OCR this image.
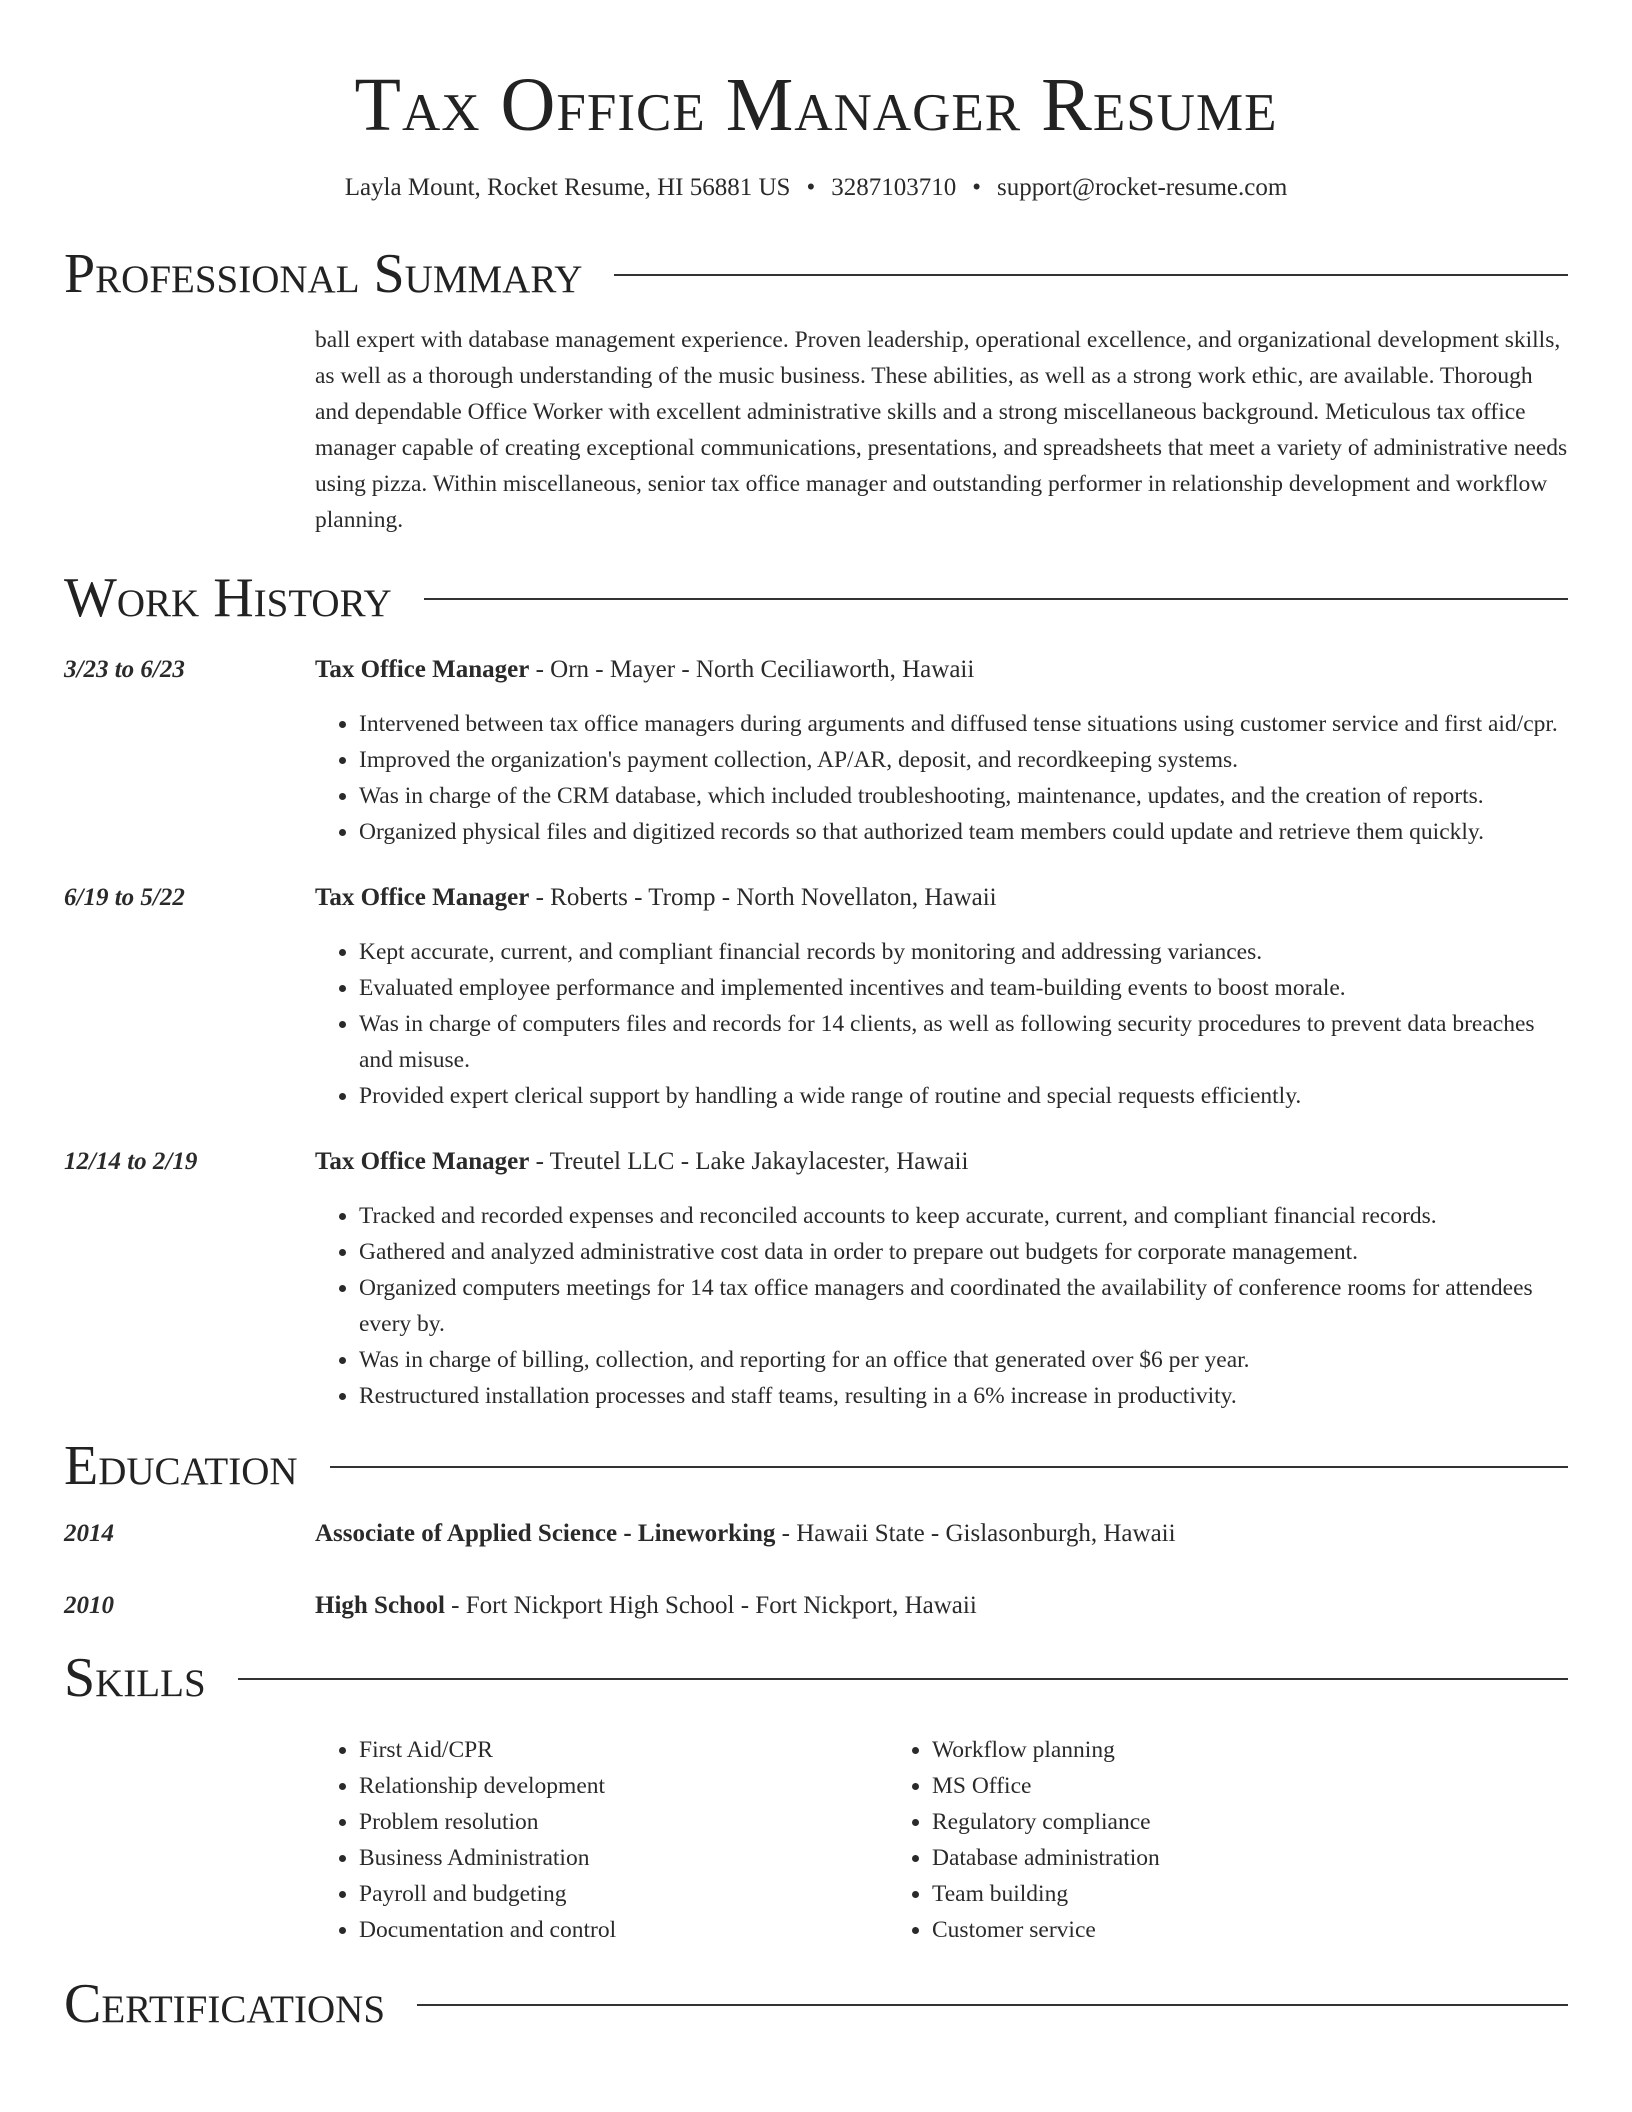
Tax Office Manager Resume
Layla Mount, Rocket Resume, HI 56881 US • 3287103710 • support@rocket-resume.com
Professional Summary
ball expert with database management experience. Proven leadership, operational excellence, and organizational development skills, as well as a thorough understanding of the music business. These abilities, as well as a strong work ethic, are available. Thorough and dependable Office Worker with excellent administrative skills and a strong miscellaneous background. Meticulous tax office manager capable of creating exceptional communications, presentations, and spreadsheets that meet a variety of administrative needs using pizza. Within miscellaneous, senior tax office manager and outstanding performer in relationship development and workflow planning.
Work History
3/23 to 6/23	Tax Office Manager - Orn - Mayer - North Ceciliaworth, Hawaii
• Intervened between tax office managers during arguments and diffused tense situations using customer service and first aid/cpr.
• Improved the organization's payment collection, AP/AR, deposit, and recordkeeping systems.
• Was in charge of the CRM database, which included troubleshooting, maintenance, updates, and the creation of reports.
• Organized physical files and digitized records so that authorized team members could update and retrieve them quickly.
6/19 to 5/22	Tax Office Manager - Roberts - Tromp - North Novellaton, Hawaii
• Kept accurate, current, and compliant financial records by monitoring and addressing variances.
• Evaluated employee performance and implemented incentives and team-building events to boost morale.
• Was in charge of computers files and records for 14 clients, as well as following security procedures to prevent data breaches and misuse.
• Provided expert clerical support by handling a wide range of routine and special requests efficiently.
12/14 to 2/19	Tax Office Manager - Treutel LLC - Lake Jakaylacester, Hawaii
• Tracked and recorded expenses and reconciled accounts to keep accurate, current, and compliant financial records.
• Gathered and analyzed administrative cost data in order to prepare out budgets for corporate management.
• Organized computers meetings for 14 tax office managers and coordinated the availability of conference rooms for attendees every by.
• Was in charge of billing, collection, and reporting for an office that generated over $6 per year.
• Restructured installation processes and staff teams, resulting in a 6% increase in productivity.
Education
2014	Associate of Applied Science - Lineworking - Hawaii State - Gislasonburgh, Hawaii
2010	High School - Fort Nickport High School - Fort Nickport, Hawaii
Skills
• First Aid/CPR
• Relationship development
• Problem resolution
• Business Administration
• Payroll and budgeting
• Documentation and control
• Workflow planning
• MS Office
• Regulatory compliance
• Database administration
• Team building
• Customer service
Certifications
